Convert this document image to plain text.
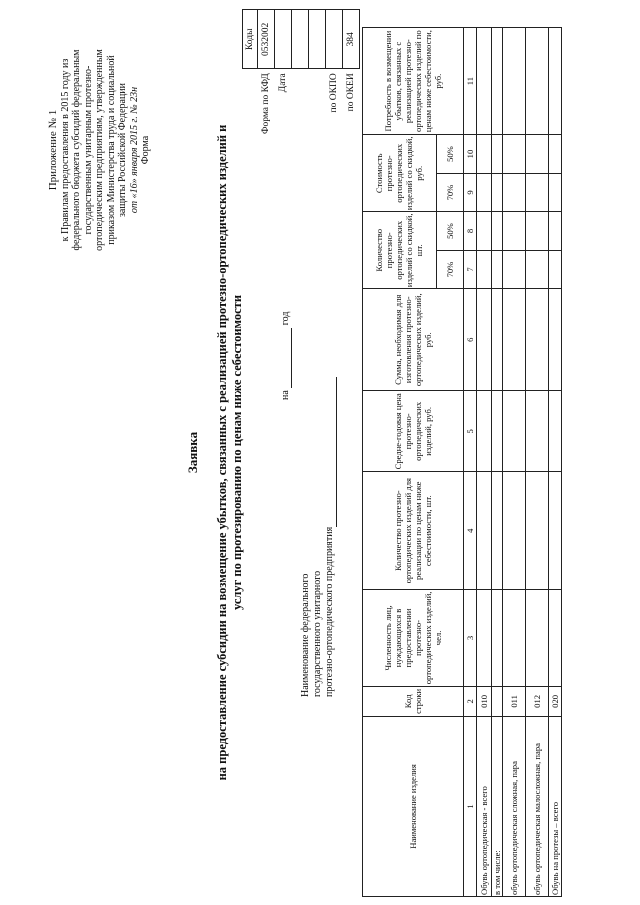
Приложение № 1 к Правилам предоставления в 2015 году из федерального бюджета субсидий федеральным государственным унитарным протезно- ортопедическим предприятиям, утвержденным приказом Министерства труда и социальной защиты Российской Федерации от «16» января 2015 г. № 23н Форма
Заявка на предоставление субсидии на возмещение убытков, связанных с реализацией протезно-ортопедических изделий и услуг по протезированию по ценам ниже себестоимости	на   год
	Коды
Форма по КФД	0532002
Дата	

по ОКПО	
по ОКЕИ	384
Наименование федерального государственного унитарного протезно-ортопедического предприятия
Наименование изделия	Код строки	Численность лиц, нуждающихся в предоставлении протезно-ортопедических изделий, чел.	Количество протезно-ортопедических изделий для реализации по ценам ниже себестоимости, шт.	Средне-годовая цена протезно-ортопедических изделий, руб.	Сумма, необходимая для изготовления протезно-ортопедических изделий, руб.	Количество протезно-ортопедических изделий со скидкой, шт.		Стоимость протезно-ортопедических изделий со скидкой, руб.		Потребность в возмещении убытков, связанных с реализацией протезно-ортопедических изделий по ценам ниже себестоимости, руб.
						70%	50%	70%	50%	
1	2	3	4	5	6	7	8	9	10	11
Обувь ортопедическая - всего	010									
в том числе:										
обувь ортопедическая сложная, пара	011									
обувь ортопедическая малосложная, пара	012									
Обувь на протезы – всего	020									
